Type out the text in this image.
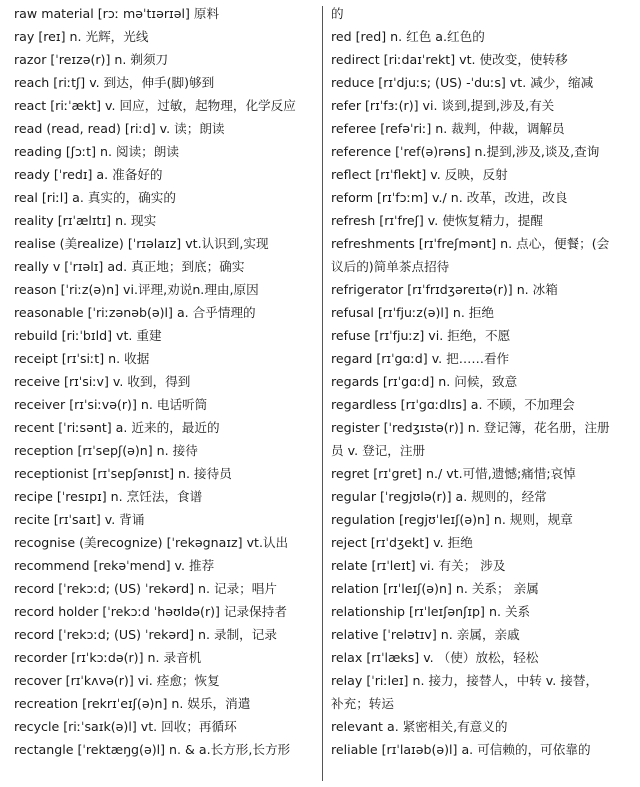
raw material [rɔː məˈtɪərɪəl] 原料
ray [reɪ] n. 光辉，光线
razor [ˈreɪzə(r)] n. 剃须刀
reach [riːtʃ] v. 到达，伸手(脚)够到
react [riːˈækt] v. 回应，过敏，起物理，化学反应
read (read, read) [riːd] v. 读；朗读
reading [ʃɔːt] n. 阅读；朗读
ready [ˈredɪ] a. 准备好的
real [riːl] a. 真实的，确实的
reality [rɪˈælɪtɪ] n. 现实
realise (美realize) [ˈrɪəlaɪz] vt.认识到,实现
really v [ˈrɪəlɪ] ad. 真正地；到底；确实
reason [ˈriːz(ə)n] vi.评理,劝说n.理由,原因
reasonable [ˈriːzənəb(ə)l] a. 合乎情理的
rebuild [riːˈbɪld] vt. 重建
receipt [rɪˈsiːt] n. 收据
receive [rɪˈsiːv] v. 收到，得到
receiver [rɪˈsiːvə(r)] n. 电话听筒
recent [ˈriːsənt] a. 近来的，最近的
reception [rɪˈsepʃ(ə)n] n. 接待
receptionist [rɪˈsepʃənɪst] n. 接待员
recipe [ˈresɪpɪ] n. 烹饪法，食谱
recite [rɪˈsaɪt] v. 背诵
recognise (美recognize) [ˈrekəgnaɪz] vt.认出
recommend [rekəˈmend] v. 推荐
record [ˈrekɔːd; (US) ˈrekərd] n. 记录；唱片
record holder [ˈrekɔːd ˈhəʊldə(r)] 记录保持者
record [ˈrekɔːd; (US) ˈrekərd] n. 录制，记录
recorder [rɪˈkɔːdə(r)] n. 录音机
recover [rɪˈkʌvə(r)] vi. 痊愈；恢复
recreation [rekrɪˈeɪʃ(ə)n] n. 娱乐，消遣
recycle [riːˈsaɪk(ə)l] vt. 回收；再循环
rectangle [ˈrektæŋg(ə)l] n. & a.长方形,长方形
的
red [red] n. 红色 a.红色的
redirect [riːdaɪˈrekt] vt. 使改变，使转移
reduce [rɪˈdjuːs; (US) -ˈduːs] vt. 减少，缩减
refer [rɪˈfɜː(r)] vi. 谈到,提到,涉及,有关
referee [refəˈriː] n. 裁判，仲裁，调解员
reference [ˈref(ə)rəns] n.提到,涉及,谈及,查询
reflect [rɪˈflekt] v. 反映，反射
reform [rɪˈfɔːm] v./ n. 改革，改进，改良
refresh [rɪˈfreʃ] v. 使恢复精力，提醒
refreshments [rɪˈfreʃmənt] n. 点心，便餐；(会
议后的)简单茶点招待
refrigerator [rɪˈfrɪdʒəreɪtə(r)] n. 冰箱
refusal [rɪˈfjuːz(ə)l] n. 拒绝
refuse [rɪˈfjuːz] vi. 拒绝，不愿
regard [rɪˈgɑːd] v. 把……看作
regards [rɪˈgɑːd] n. 问候，致意
regardless [rɪˈgɑːdlɪs] a. 不顾，不加理会
register [ˈredʒɪstə(r)] n. 登记簿，花名册，注册
员 v. 登记，注册
regret [rɪˈgret] n./ vt.可惜,遗憾;痛惜;哀悼
regular [ˈregjʊlə(r)] a. 规则的，经常
regulation [regjʊˈleɪʃ(ə)n] n. 规则，规章
reject [rɪˈdʒekt] v. 拒绝
relate [rɪˈleɪt] vi. 有关； 涉及
relation [rɪˈleɪʃ(ə)n] n. 关系； 亲属
relationship [rɪˈleɪʃənʃɪp] n. 关系
relative [ˈrelətɪv] n. 亲属，亲戚
relax [rɪˈlæks] v. （使）放松，轻松
relay [ˈriːleɪ] n. 接力，接替人，中转 v. 接替，
补充；转运
relevant a. 紧密相关,有意义的
reliable [rɪˈlaɪəb(ə)l] a. 可信赖的，可依靠的
